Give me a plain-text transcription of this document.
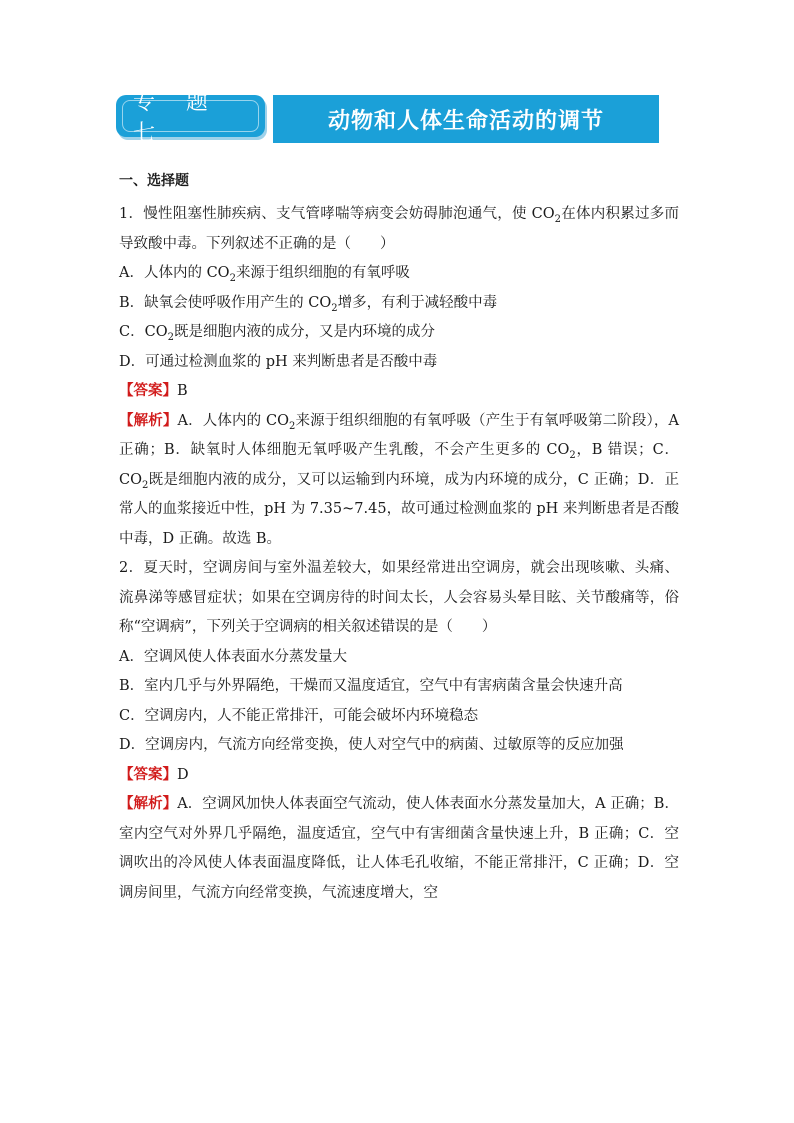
专 题 七	动物和人体生命活动的调节
一、选择题

1．慢性阻塞性肺疾病、支气管哮喘等病变会妨碍肺泡通气，使 $CO_2$在体内积累过多而导致酸中毒。下列叙述不正确的是（　　）

A．人体内的 $CO_2$来源于组织细胞的有氧呼吸

B．缺氧会使呼吸作用产生的 $CO_2$增多，有利于减轻酸中毒

C．$CO_2$既是细胞内液的成分，又是内环境的成分

D．可通过检测血浆的 pH 来判断患者是否酸中毒

【答案】B

【解析】A．人体内的 $CO_2$来源于组织细胞的有氧呼吸（产生于有氧呼吸第二阶段），A 正确；B．缺氧时人体细胞无氧呼吸产生乳酸，不会产生更多的 $CO_2$，B 错误；C．$CO_2$既是细胞内液的成分，又可以运输到内环境，成为内环境的成分，C 正确；D．正常人的血浆接近中性，pH 为 7.35~7.45，故可通过检测血浆的 pH 来判断患者是否酸中毒，D 正确。故选 B。

2．夏天时，空调房间与室外温差较大，如果经常进出空调房，就会出现咳嗽、头痛、流鼻涕等感冒症状；如果在空调房待的时间太长，人会容易头晕目眩、关节酸痛等，俗称“空调病”，下列关于空调病的相关叙述错误的是（　　）

A．空调风使人体表面水分蒸发量大

B．室内几乎与外界隔绝，干燥而又温度适宜，空气中有害病菌含量会快速升高

C．空调房内，人不能正常排汗，可能会破坏内环境稳态

D．空调房内，气流方向经常变换，使人对空气中的病菌、过敏原等的反应加强

【答案】D

【解析】A．空调风加快人体表面空气流动，使人体表面水分蒸发量加大，A 正确；B．室内空气对外界几乎隔绝，温度适宜，空气中有害细菌含量快速上升，B 正确；C．空调吹出的冷风使人体表面温度降低，让人体毛孔收缩，不能正常排汗，C 正确；D．空调房间里，气流方向经常变换，气流速度增大，空
